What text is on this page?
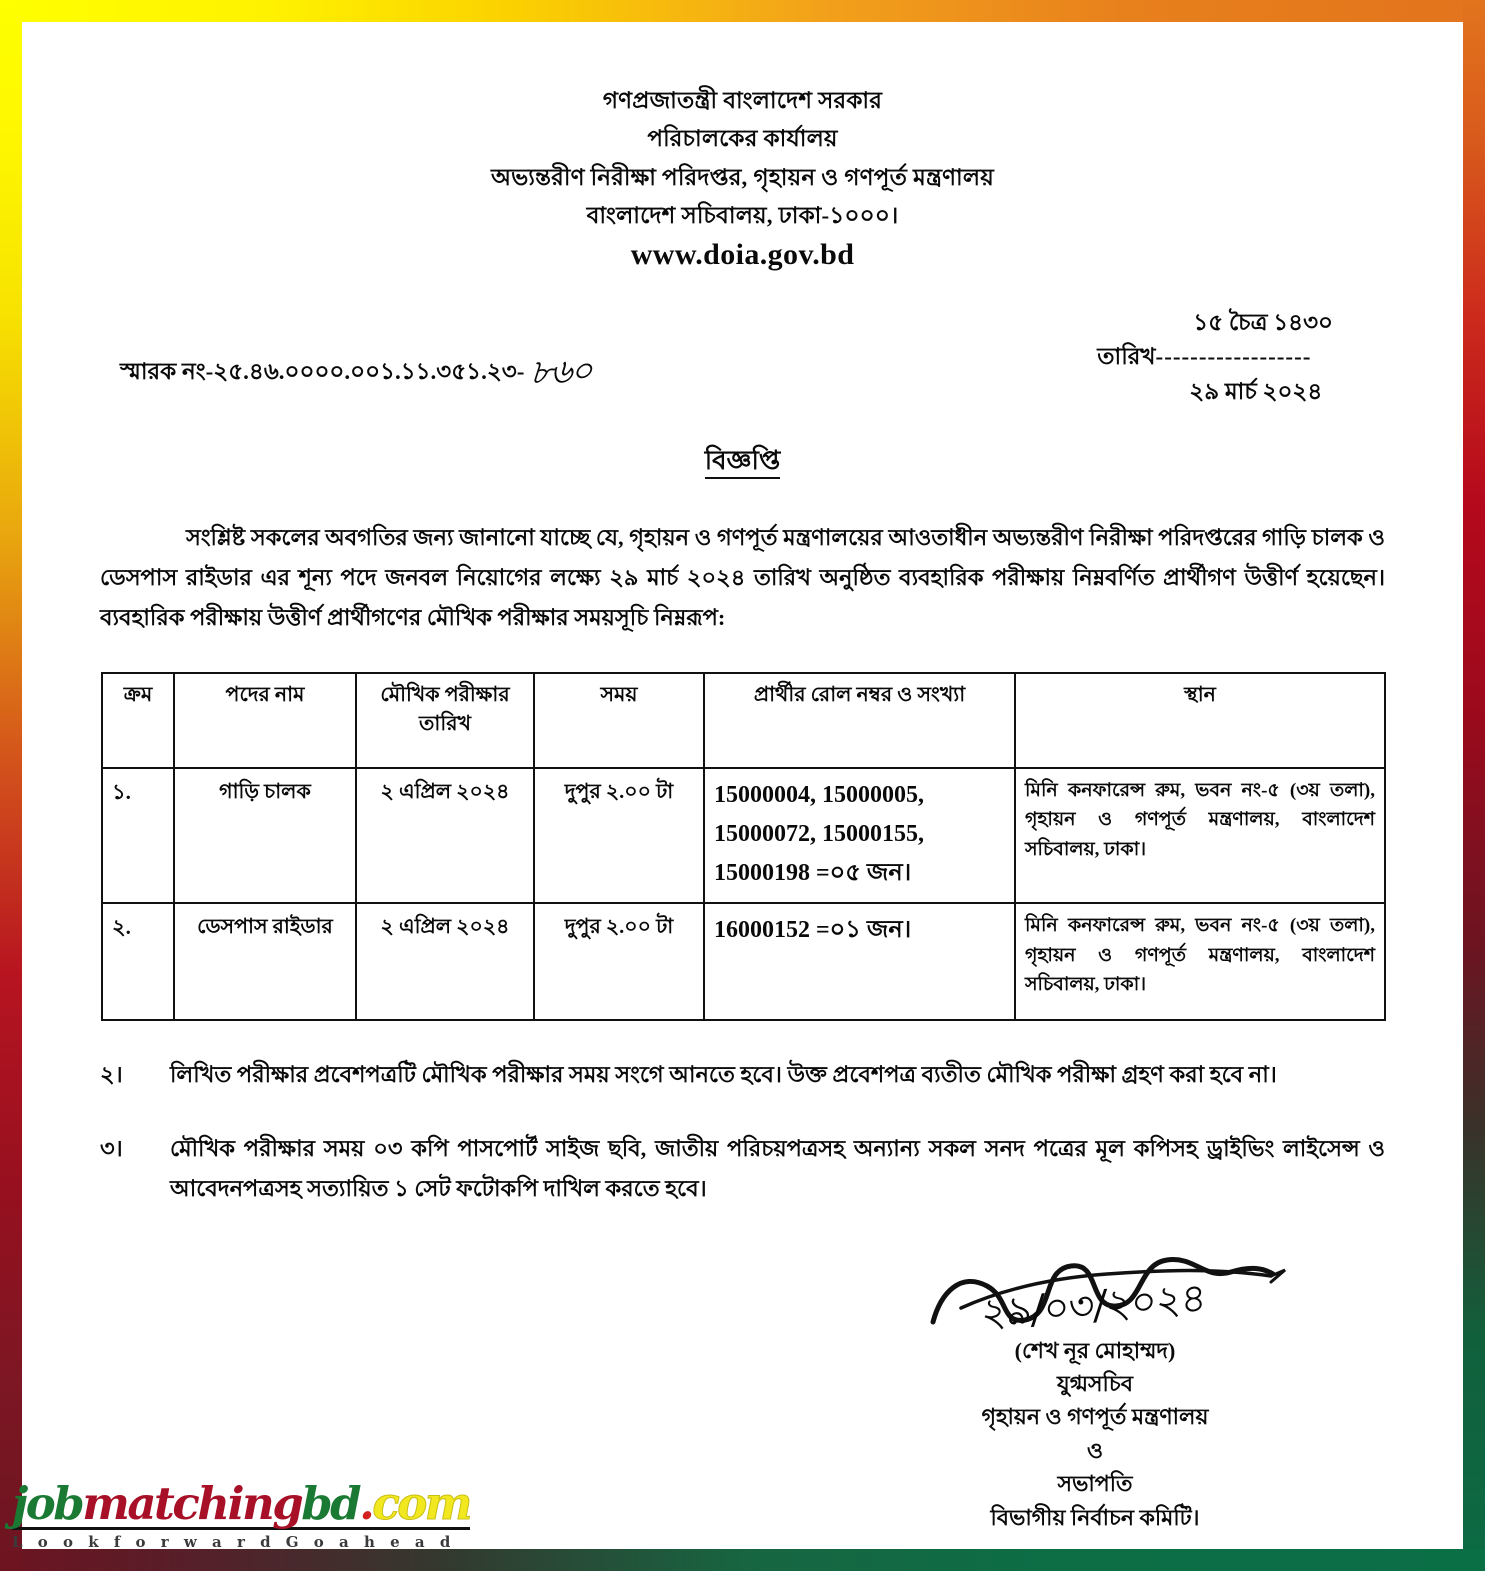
গণপ্রজাতন্ত্রী বাংলাদেশ সরকার
পরিচালকের কার্যালয়
অভ্যন্তরীণ নিরীক্ষা পরিদপ্তর, গৃহায়ন ও গণপূর্ত মন্ত্রণালয়
বাংলাদেশ সচিবালয়, ঢাকা-১০০০।
www.doia.gov.bd
স্মারক নং-২৫.৪৬.০০০০.০০১.১১.৩৫১.২৩- ৮৬০
১৫ চৈত্র ১৪৩০
তারিখ------------------
২৯ মার্চ ২০২৪
বিজ্ঞপ্তি
সংশ্লিষ্ট সকলের অবগতির জন্য জানানো যাচ্ছে যে, গৃহায়ন ও গণপূর্ত মন্ত্রণালয়ের আওতাধীন অভ্যন্তরীণ নিরীক্ষা পরিদপ্তরের গাড়ি চালক ও ডেসপাস রাইডার এর শূন্য পদে জনবল নিয়োগের লক্ষ্যে ২৯ মার্চ ২০২৪ তারিখ অনুষ্ঠিত ব্যবহারিক পরীক্ষায় নিম্নবর্ণিত প্রার্থীগণ উত্তীর্ণ হয়েছেন। ব্যবহারিক পরীক্ষায় উত্তীর্ণ প্রার্থীগণের মৌখিক পরীক্ষার সময়সূচি নিম্নরূপ:
ক্রম	পদের নাম	মৌখিক পরীক্ষার তারিখ	সময়	প্রার্থীর রোল নম্বর ও সংখ্যা	স্থান
১.	গাড়ি চালক	২ এপ্রিল ২০২৪	দুপুর ২.০০ টা	15000004, 15000005, 15000072, 15000155, 15000198 =০৫ জন।	মিনি কনফারেন্স রুম, ভবন নং-৫ (৩য় তলা), গৃহায়ন ও গণপূর্ত মন্ত্রণালয়, বাংলাদেশ সচিবালয়, ঢাকা।
২.	ডেসপাস রাইডার	২ এপ্রিল ২০২৪	দুপুর ২.০০ টা	16000152 =০১ জন।	মিনি কনফারেন্স রুম, ভবন নং-৫ (৩য় তলা), গৃহায়ন ও গণপূর্ত মন্ত্রণালয়, বাংলাদেশ সচিবালয়, ঢাকা।
২।	লিখিত পরীক্ষার প্রবেশপত্রটি মৌখিক পরীক্ষার সময় সংগে আনতে হবে। উক্ত প্রবেশপত্র ব্যতীত মৌখিক পরীক্ষা গ্রহণ করা হবে না।
৩।	মৌখিক পরীক্ষার সময় ০৩ কপি পাসপোর্ট সাইজ ছবি, জাতীয় পরিচয়পত্রসহ অন্যান্য সকল সনদ পত্রের মূল কপিসহ ড্রাইভিং লাইসেন্স ও আবেদনপত্রসহ সত্যায়িত ১ সেট ফটোকপি দাখিল করতে হবে।
২৯/০৩/২০২৪
(শেখ নূর মোহাম্মদ)
যুগ্মসচিব
গৃহায়ন ও গণপূর্ত মন্ত্রণালয়
ও
সভাপতি
বিভাগীয় নির্বাচন কমিটি।
jobmatchingbd.com
L o o k f o r w a r d G o a h e a d
